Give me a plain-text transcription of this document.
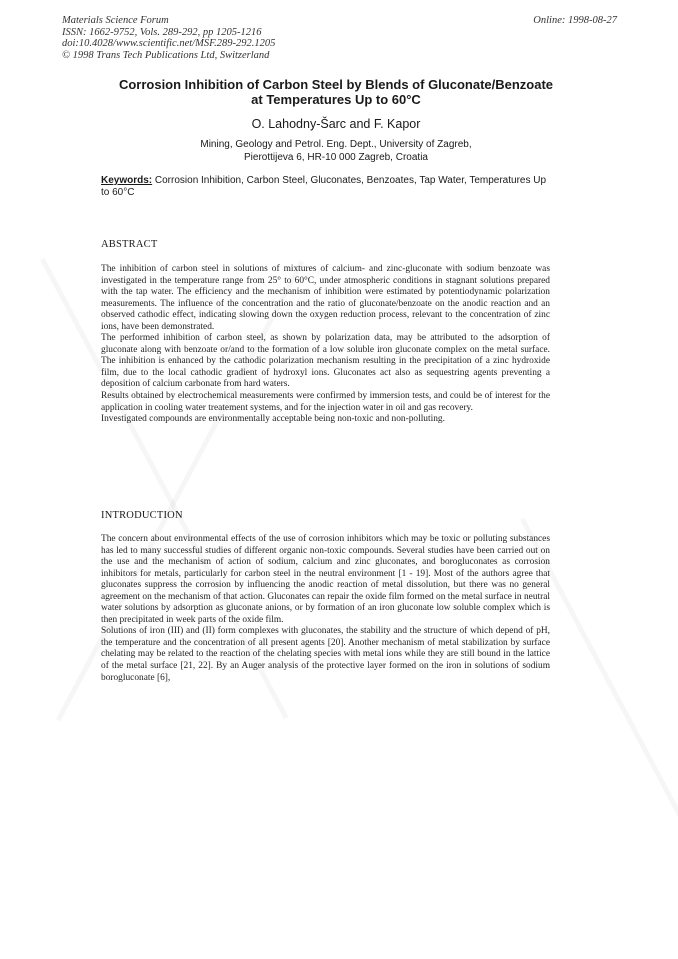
Materials Science Forum
ISSN: 1662-9752, Vols. 289-292, pp 1205-1216
doi:10.4028/www.scientific.net/MSF.289-292.1205
© 1998 Trans Tech Publications Ltd, Switzerland
Online: 1998-08-27
Corrosion Inhibition of Carbon Steel by Blends of Gluconate/Benzoate
at Temperatures Up to 60°C
O. Lahodny-Šarc and F. Kapor
Mining, Geology and Petrol. Eng. Dept., University of Zagreb,
Pierottijeva 6, HR-10 000 Zagreb, Croatia
Keywords: Corrosion Inhibition, Carbon Steel, Gluconates, Benzoates, Tap Water, Temperatures Up to 60°C
ABSTRACT

The inhibition of carbon steel in solutions of mixtures of calcium- and zinc-gluconate with sodium benzoate was investigated in the temperature range from 25° to 60°C, under atmospheric conditions in stagnant solutions prepared with the tap water. The efficiency and the mechanism of inhibition were estimated by potentiodynamic polarization measurements. The influence of the concentration and the ratio of gluconate/benzoate on the anodic reaction and an observed cathodic effect, indicating slowing down the oxygen reduction process, relevant to the concentration of zinc ions, have been demonstrated.

The performed inhibition of carbon steel, as shown by polarization data, may be attributed to the adsorption of gluconate along with benzoate or/and to the formation of a low soluble iron gluconate complex on the metal surface. The inhibition is enhanced by the cathodic polarization mechanism resulting in the precipitation of a zinc hydroxide film, due to the local cathodic gradient of hydroxyl ions. Gluconates act also as sequestring agents preventing a deposition of calcium carbonate from hard waters.

Results obtained by electrochemical measurements were confirmed by immersion tests, and could be of interest for the application in cooling water treatement systems, and for the injection water in oil and gas recovery.

Investigated compounds are environmentally acceptable being non-toxic and non-polluting.

INTRODUCTION

The concern about environmental effects of the use of corrosion inhibitors which may be toxic or polluting substances has led to many successful studies of different organic non-toxic compounds. Several studies have been carried out on the use and the mechanism of action of sodium, calcium and zinc gluconates, and borogluconates as corrosion inhibitors for metals, particularly for carbon steel in the neutral environment [1 - 19]. Most of the authors agree that gluconates suppress the corrosion by influencing the anodic reaction of metal dissolution, but there was no general agreement on the mechanism of that action. Gluconates can repair the oxide film formed on the metal surface in neutral water solutions by adsorption as gluconate anions, or by formation of an iron gluconate low soluble complex which is then precipitated in week parts of the oxide film.

Solutions of iron (III) and (II) form complexes with gluconates, the stability and the structure of which depend of pH, the temperature and the concentration of all present agents [20]. Another mechanism of metal stabilization by surface chelating may be related to the reaction of the chelating species with metal ions while they are still bound in the lattice of the metal surface [21, 22]. By an Auger analysis of the protective layer formed on the iron in solutions of sodium borogluconate [6],
